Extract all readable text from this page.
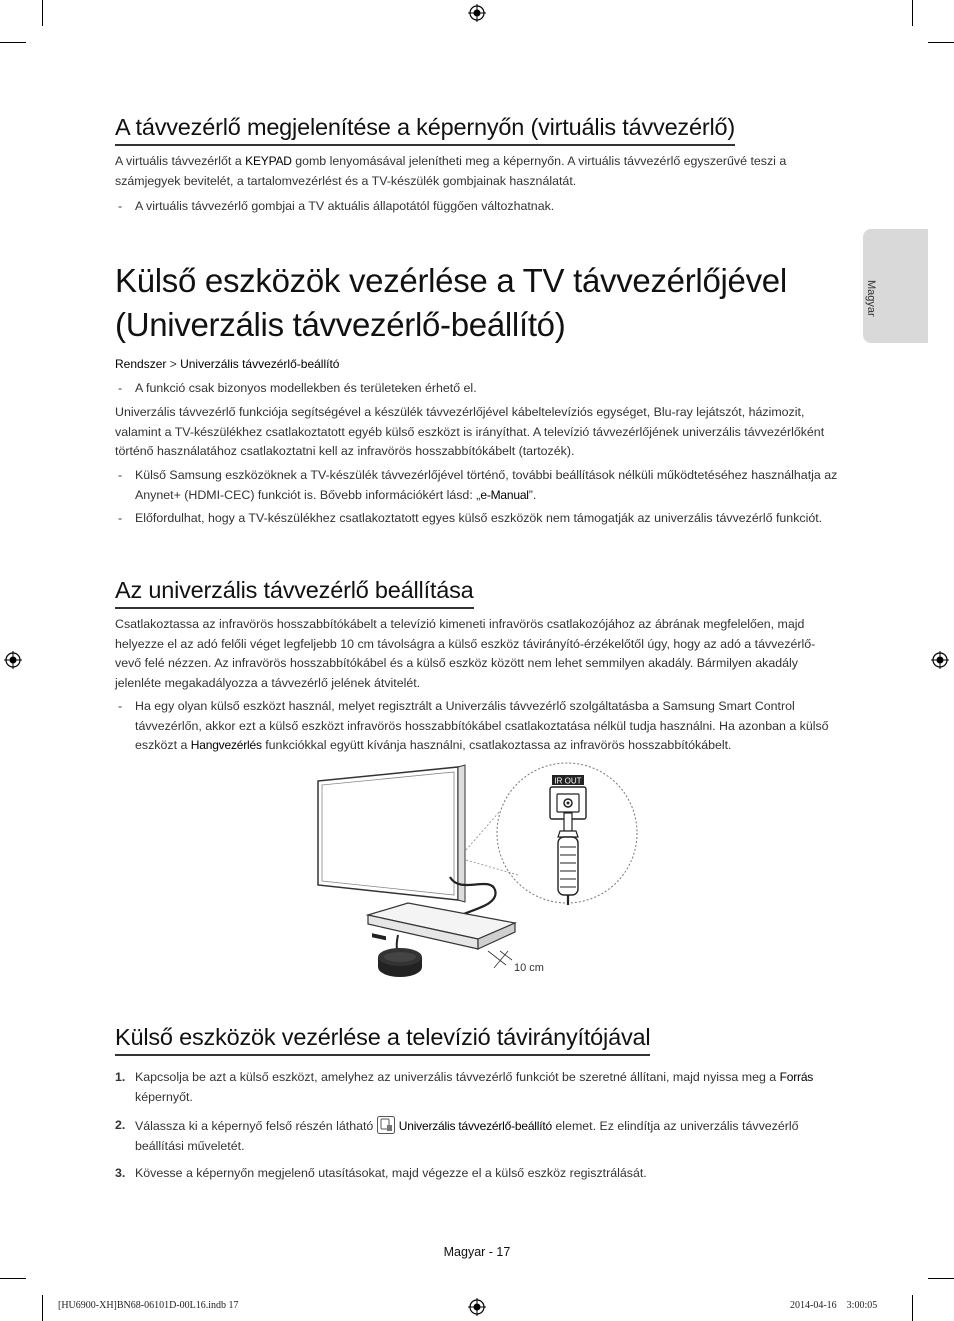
Magyar
A távvezérlő megjelenítése a képernyőn (virtuális távvezérlő)

A virtuális távvezérlőt a KEYPAD gomb lenyomásával jelenítheti meg a képernyőn. A virtuális távvezérlő egyszerűvé teszi a számjegyek bevitelét, a tartalomvezérlést és a TV-készülék gombjainak használatát.

- A virtuális távvezérlő gombjai a TV aktuális állapotától függően változhatnak.
Külső eszközök vezérlése a TV távvezérlőjével
(Univerzális távvezérlő-beállító)

Rendszer > Univerzális távvezérlő-beállító

- A funkció csak bizonyos modellekben és területeken érhető el.

Univerzális távvezérlő funkciója segítségével a készülék távvezérlőjével kábeltelevíziós egységet, Blu-ray lejátszót, házimozit, valamint a TV-készülékhez csatlakoztatott egyéb külső eszközt is irányíthat. A televízió távvezérlőjének univerzális távvezérlőként történő használatához csatlakoztatni kell az infravörös hosszabbítókábelt (tartozék).

- Külső Samsung eszközöknek a TV-készülék távvezérlőjével történő, további beállítások nélküli működtetéséhez használhatja az Anynet+ (HDMI-CEC) funkciót is. Bővebb információkért lásd: „e-Manual”.
- Előfordulhat, hogy a TV-készülékhez csatlakoztatott egyes külső eszközök nem támogatják az univerzális távvezérlő funkciót.
Az univerzális távvezérlő beállítása

Csatlakoztassa az infravörös hosszabbítókábelt a televízió kimeneti infravörös csatlakozójához az ábrának megfelelően, majd helyezze el az adó felőli véget legfeljebb 10 cm távolságra a külső eszköz távirányító-érzékelőtől úgy, hogy az adó a távvezérlő-vevő felé nézzen. Az infravörös hosszabbítókábel és a külső eszköz között nem lehet semmilyen akadály. Bármilyen akadály jelenléte megakadályozza a távvezérlő jelének átvitelét.

- Ha egy olyan külső eszközt használ, melyet regisztrált a Univerzális távvezérlő szolgáltatásba a Samsung Smart Control távvezérlőn, akkor ezt a külső eszközt infravörös hosszabbítókábel csatlakoztatása nélkül tudja használni. Ha azonban a külső eszközt a Hangvezérlés funkciókkal együtt kívánja használni, csatlakoztassa az infravörös hosszabbítókábelt.
Külső eszközök vezérlése a televízió távirányítójával
1. Kapcsolja be azt a külső eszközt, amelyhez az univerzális távvezérlő funkciót be szeretné állítani, majd nyissa meg a Forrás képernyőt.
2. Válassza ki a képernyő felső részén látható Univerzális távvezérlő-beállító elemet. Ez elindítja az univerzális távvezérlő beállítási műveletét.
3. Kövesse a képernyőn megjelenő utasításokat, majd végezze el a külső eszköz regisztrálását.
10 cm
IR OUT
Magyar - 17
[HU6900-XH]BN68-06101D-00L16.indb 17	2014-04-16   3:00:05
